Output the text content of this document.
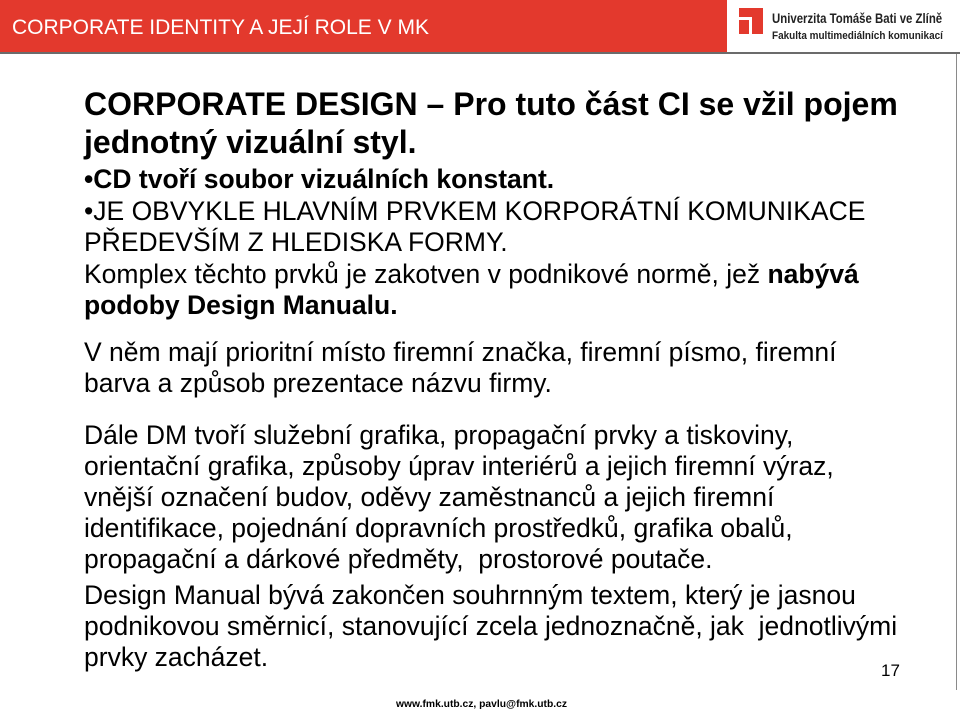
CORPORATE IDENTITY A JEJÍ ROLE V MK	Univerzita Tomáše Bati ve Zlíně
Fakulta multimediálních komunikací
CORPORATE DESIGN – Pro tuto část CI se vžil pojem
jednotný vizuální styl.
•CD tvoří soubor vizuálních konstant.
•JE OBVYKLE HLAVNÍM PRVKEM KORPORÁTNÍ KOMUNIKACE
PŘEDEVŠÍM Z HLEDISKA FORMY.
Komplex těchto prvků je zakotven v podnikové normě, jež nabývá
podoby Design Manualu.
V něm mají prioritní místo firemní značka, firemní písmo, firemní
barva a způsob prezentace názvu firmy.
Dále DM tvoří služební grafika, propagační prvky a tiskoviny,
orientační grafika, způsoby úprav interiérů a jejich firemní výraz,
vnější označení budov, oděvy zaměstnanců a jejich firemní
identifikace, pojednání dopravních prostředků, grafika obalů,
propagační a dárkové předměty,  prostorové poutače.
Design Manual bývá zakončen souhrnným textem, který je jasnou
podnikovou směrnicí, stanovující zcela jednoznačně, jak  jednotlivými
prvky zacházet.	17
www.fmk.utb.cz, pavlu@fmk.utb.cz
